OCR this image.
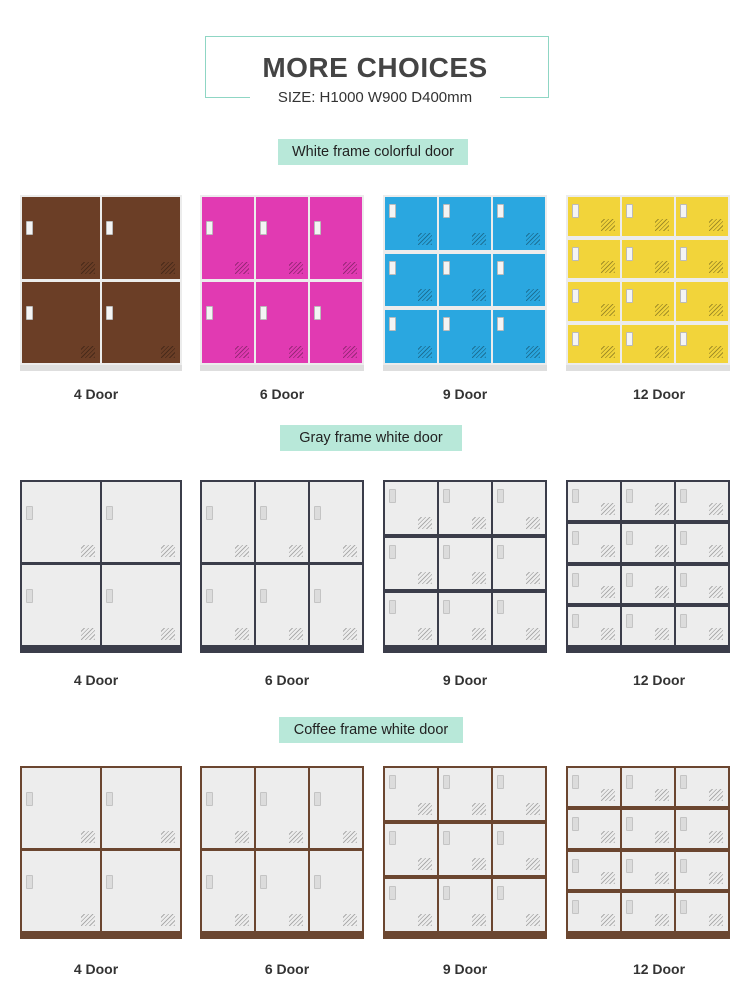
MORE CHOICES
SIZE: H1000 W900 D400mm
White frame colorful door
Gray frame white door
Coffee frame white door
4 Door	6 Door	9 Door	12 Door
4 Door	6 Door	9 Door	12 Door
4 Door	6 Door	9 Door	12 Door
